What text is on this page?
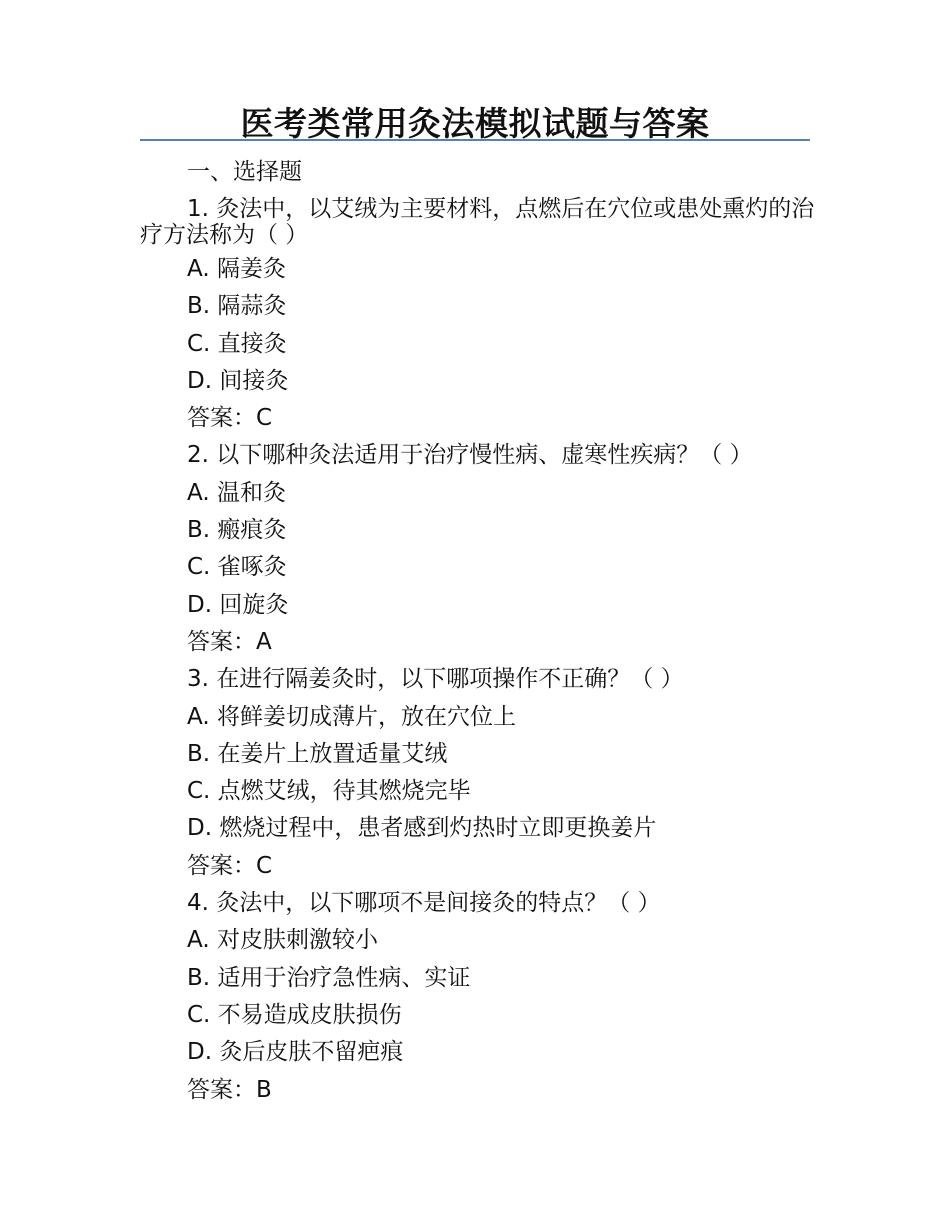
医考类常用灸法模拟试题与答案
一、选择题
1. 灸法中，以艾绒为主要材料，点燃后在穴位或患处熏灼的治疗方法称为（ ）
A. 隔姜灸
B. 隔蒜灸
C. 直接灸
D. 间接灸
答案：C
2. 以下哪种灸法适用于治疗慢性病、虚寒性疾病？（ ）
A. 温和灸
B. 瘢痕灸
C. 雀啄灸
D. 回旋灸
答案：A
3. 在进行隔姜灸时，以下哪项操作不正确？（ ）
A. 将鲜姜切成薄片，放在穴位上
B. 在姜片上放置适量艾绒
C. 点燃艾绒，待其燃烧完毕
D. 燃烧过程中，患者感到灼热时立即更换姜片
答案：C
4. 灸法中，以下哪项不是间接灸的特点？（ ）
A. 对皮肤刺激较小
B. 适用于治疗急性病、实证
C. 不易造成皮肤损伤
D. 灸后皮肤不留疤痕
答案：B
